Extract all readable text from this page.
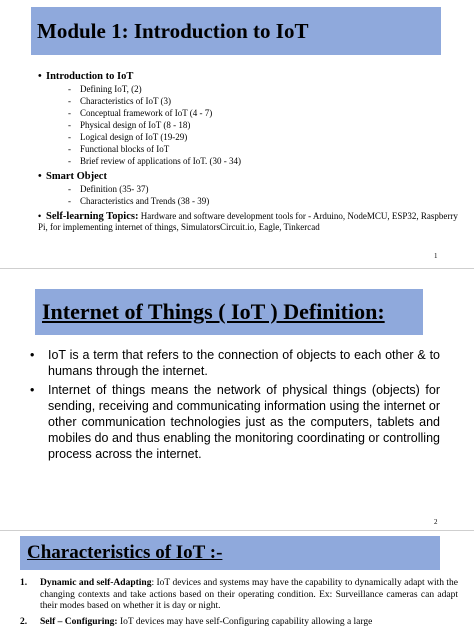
Module 1: Introduction to IoT
• Introduction to IoT
- Defining IoT, (2)
- Characteristics of IoT (3)
- Conceptual framework of IoT (4 - 7)
- Physical design of IoT (8 - 18)
- Logical design of IoT (19-29)
- Functional blocks of IoT
- Brief review of applications of IoT. (30 - 34)
• Smart Object
- Definition (35- 37)
- Characteristics and Trends (38 - 39)
• Self-learning Topics: Hardware and software development tools for - Arduino, NodeMCU, ESP32, Raspberry Pi, for implementing internet of things, SimulatorsCircuit.io, Eagle, Tinkercad
1
Internet of Things ( IoT ) Definition:
• IoT is a term that refers to the connection of objects to each other & to humans through the internet.
• Internet of things means the network of physical things (objects) for sending, receiving and communicating information using the internet or other communication technologies just as the computers, tablets and mobiles do and thus enabling the monitoring coordinating or controlling process across the internet.
2
Characteristics of IoT :-
1. Dynamic and self-Adapting: IoT devices and systems may have the capability to dynamically adapt with the changing contexts and take actions based on their operating condition. Ex: Surveillance cameras can adapt their modes based on whether it is day or night.
2. Self – Configuring: IoT devices may have self-Configuring capability allowing a large
